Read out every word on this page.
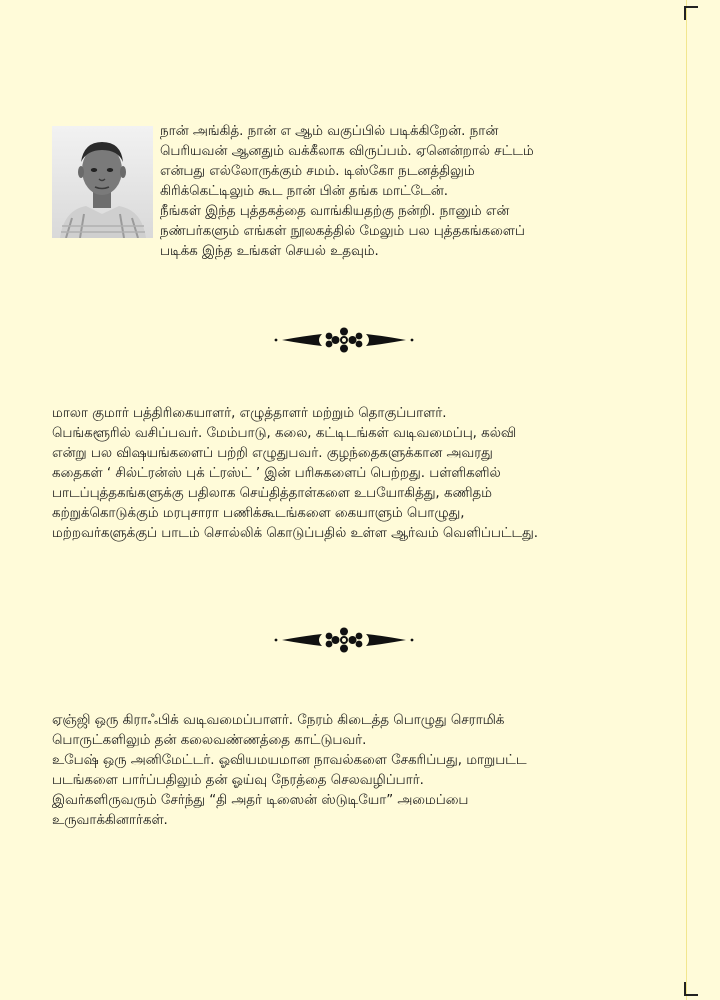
நான் அங்கித். நான் எ ஆம் வகுப்பில் படிக்கிறேன். நான்
பெரியவன் ஆனதும் வக்கீலாக விருப்பம். ஏனென்றால் சட்டம்
என்பது எல்லோருக்கும் சமம். டிஸ்கோ நடனத்திலும்
கிரிக்கெட்டிலும் கூட நான் பின் தங்க மாட்டேன்.
நீங்கள் இந்த புத்தகத்தை வாங்கியதற்கு நன்றி. நானும் என்
நண்பர்களும் எங்கள் நூலகத்தில் மேலும் பல புத்தகங்களைப்
படிக்க இந்த உங்கள் செயல் உதவும்.

மாலா குமார் பத்திரிகையாளர், எழுத்தாளர் மற்றும் தொகுப்பாளர்.
பெங்களூரில் வசிப்பவர். மேம்பாடு, கலை, கட்டிடங்கள் வடிவமைப்பு, கல்வி
என்று பல விஷயங்களைப் பற்றி எழுதுபவர். குழந்தைகளுக்கான அவரது
கதைகள் ‘ சில்ட்ரன்ஸ் புக் ட்ரஸ்ட் ’ இன் பரிசுகளைப் பெற்றது. பள்ளிகளில்
பாடப்புத்தகங்களுக்கு பதிலாக செய்தித்தாள்களை உபயோகித்து, கணிதம்
கற்றுக்கொடுக்கும் மரபுசாரா பணிக்கூடங்களை கையாளும் பொழுது,
மற்றவர்களுக்குப் பாடம் சொல்லிக் கொடுப்பதில் உள்ள ஆர்வம் வெளிப்பட்டது.

ஏஞ்ஜி ஒரு கிராஃபிக் வடிவமைப்பாளர். நேரம் கிடைத்த பொழுது செராமிக்
பொருட்களிலும் தன் கலைவண்ணத்தை காட்டுபவர்.
உபேஷ் ஒரு அனிமேட்டர். ஓவியமயமான நாவல்களை சேகரிப்பது, மாறுபட்ட
படங்களை பார்ப்பதிலும் தன் ஓய்வு நேரத்தை செலவழிப்பார்.
இவர்களிருவரும் சேர்ந்து “தி அதர் டிஸைன் ஸ்டுடியோ” அமைப்பை
உருவாக்கினார்கள்.
